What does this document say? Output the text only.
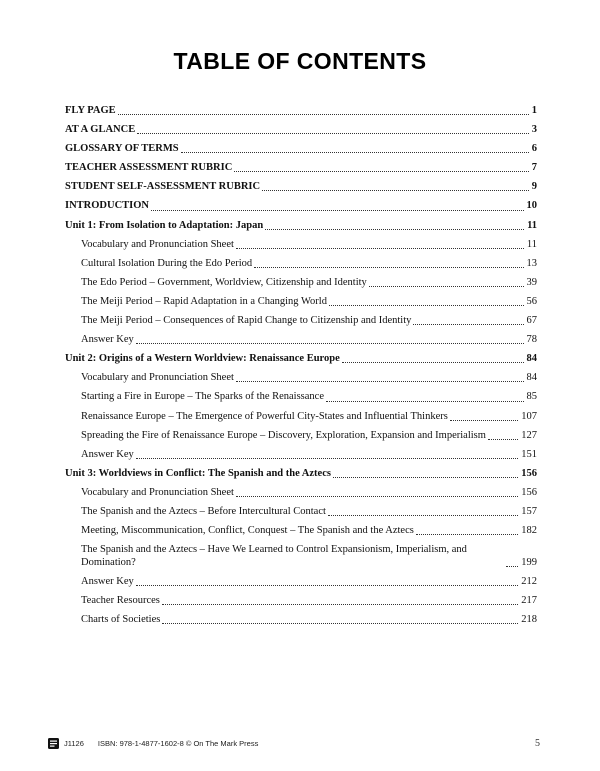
TABLE OF CONTENTS
FLY PAGE	1
AT A GLANCE	3
GLOSSARY OF TERMS	6
TEACHER ASSESSMENT RUBRIC	7
STUDENT SELF-ASSESSMENT RUBRIC	9
INTRODUCTION	10
Unit 1: From Isolation to Adaptation: Japan	11
Vocabulary and Pronunciation Sheet	11
Cultural Isolation During the Edo Period	13
The Edo Period – Government, Worldview, Citizenship and Identity	39
The Meiji Period – Rapid Adaptation in a Changing World	56
The Meiji Period – Consequences of Rapid Change to Citizenship and Identity	67
Answer Key	78
Unit 2: Origins of a Western Worldview: Renaissance Europe	84
Vocabulary and Pronunciation Sheet	84
Starting a Fire in Europe – The Sparks of the Renaissance	85
Renaissance Europe – The Emergence of Powerful City-States and Influential Thinkers	107
Spreading the Fire of Renaissance Europe – Discovery, Exploration, Expansion and Imperialism	127
Answer Key	151
Unit 3: Worldviews in Conflict: The Spanish and the Aztecs	156
Vocabulary and Pronunciation Sheet	156
The Spanish and the Aztecs – Before Intercultural Contact	157
Meeting, Miscommunication, Conflict, Conquest – The Spanish and the Aztecs	182
The Spanish and the Aztecs – Have We Learned to Control Expansionism, Imperialism, and Domination?	199
Answer Key	212
Teacher Resources	217
Charts of Societies	218
J1126 ISBN: 978-1-4877-1602-8 © On The Mark Press	5
